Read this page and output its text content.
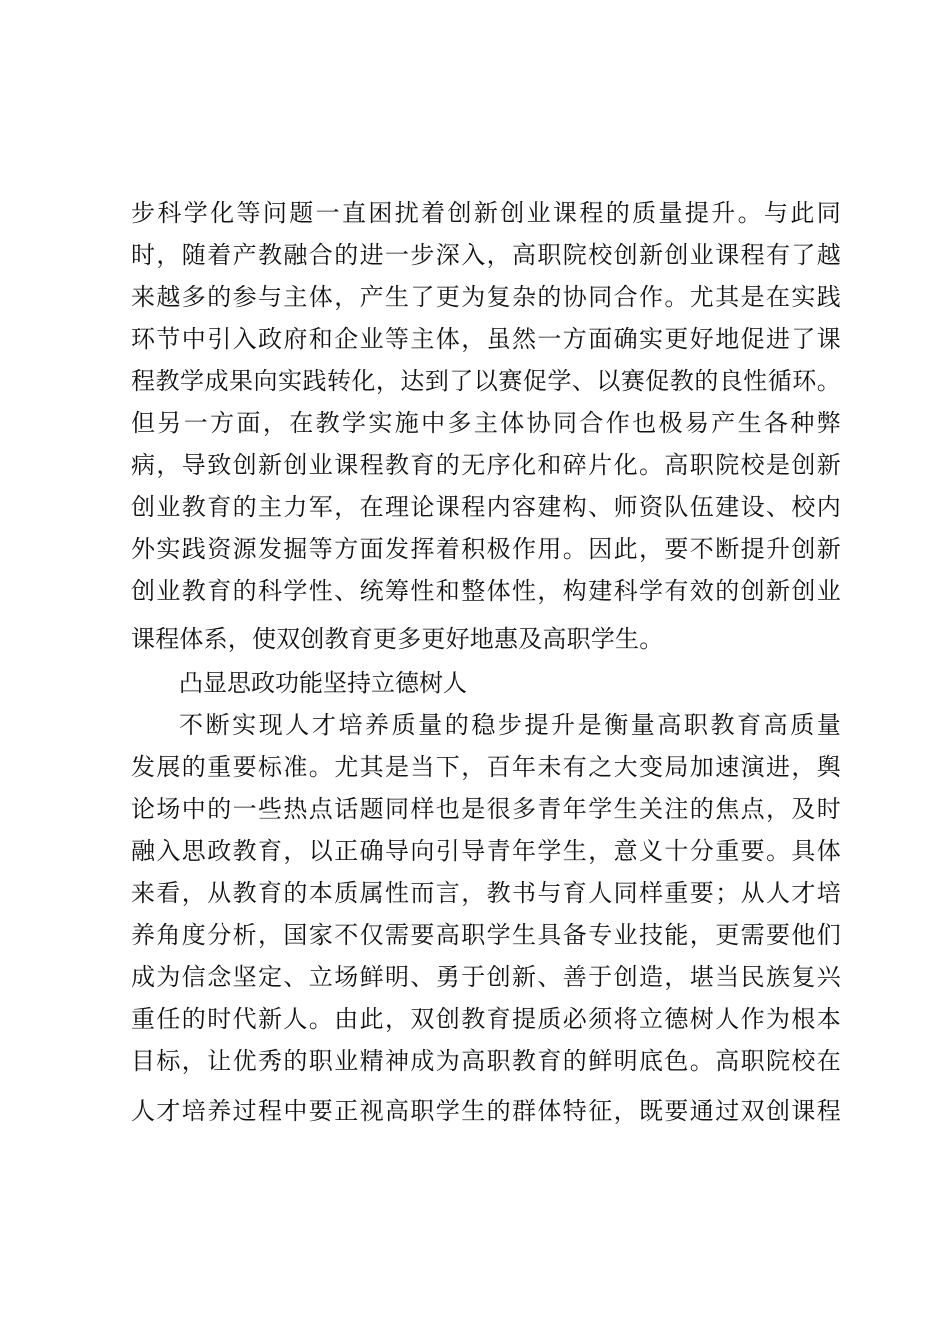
步科学化等问题一直困扰着创新创业课程的质量提升。与此同
时，随着产教融合的进一步深入，高职院校创新创业课程有了越
来越多的参与主体，产生了更为复杂的协同合作。尤其是在实践
环节中引入政府和企业等主体，虽然一方面确实更好地促进了课
程教学成果向实践转化，达到了以赛促学、以赛促教的良性循环。
但另一方面，在教学实施中多主体协同合作也极易产生各种弊
病，导致创新创业课程教育的无序化和碎片化。高职院校是创新
创业教育的主力军，在理论课程内容建构、师资队伍建设、校内
外实践资源发掘等方面发挥着积极作用。因此，要不断提升创新
创业教育的科学性、统筹性和整体性，构建科学有效的创新创业
课程体系，使双创教育更多更好地惠及高职学生。
凸显思政功能坚持立德树人
不断实现人才培养质量的稳步提升是衡量高职教育高质量
发展的重要标准。尤其是当下，百年未有之大变局加速演进，舆
论场中的一些热点话题同样也是很多青年学生关注的焦点，及时
融入思政教育，以正确导向引导青年学生，意义十分重要。具体
来看，从教育的本质属性而言，教书与育人同样重要；从人才培
养角度分析，国家不仅需要高职学生具备专业技能，更需要他们
成为信念坚定、立场鲜明、勇于创新、善于创造，堪当民族复兴
重任的时代新人。由此，双创教育提质必须将立德树人作为根本
目标，让优秀的职业精神成为高职教育的鲜明底色。高职院校在
人才培养过程中要正视高职学生的群体特征，既要通过双创课程
